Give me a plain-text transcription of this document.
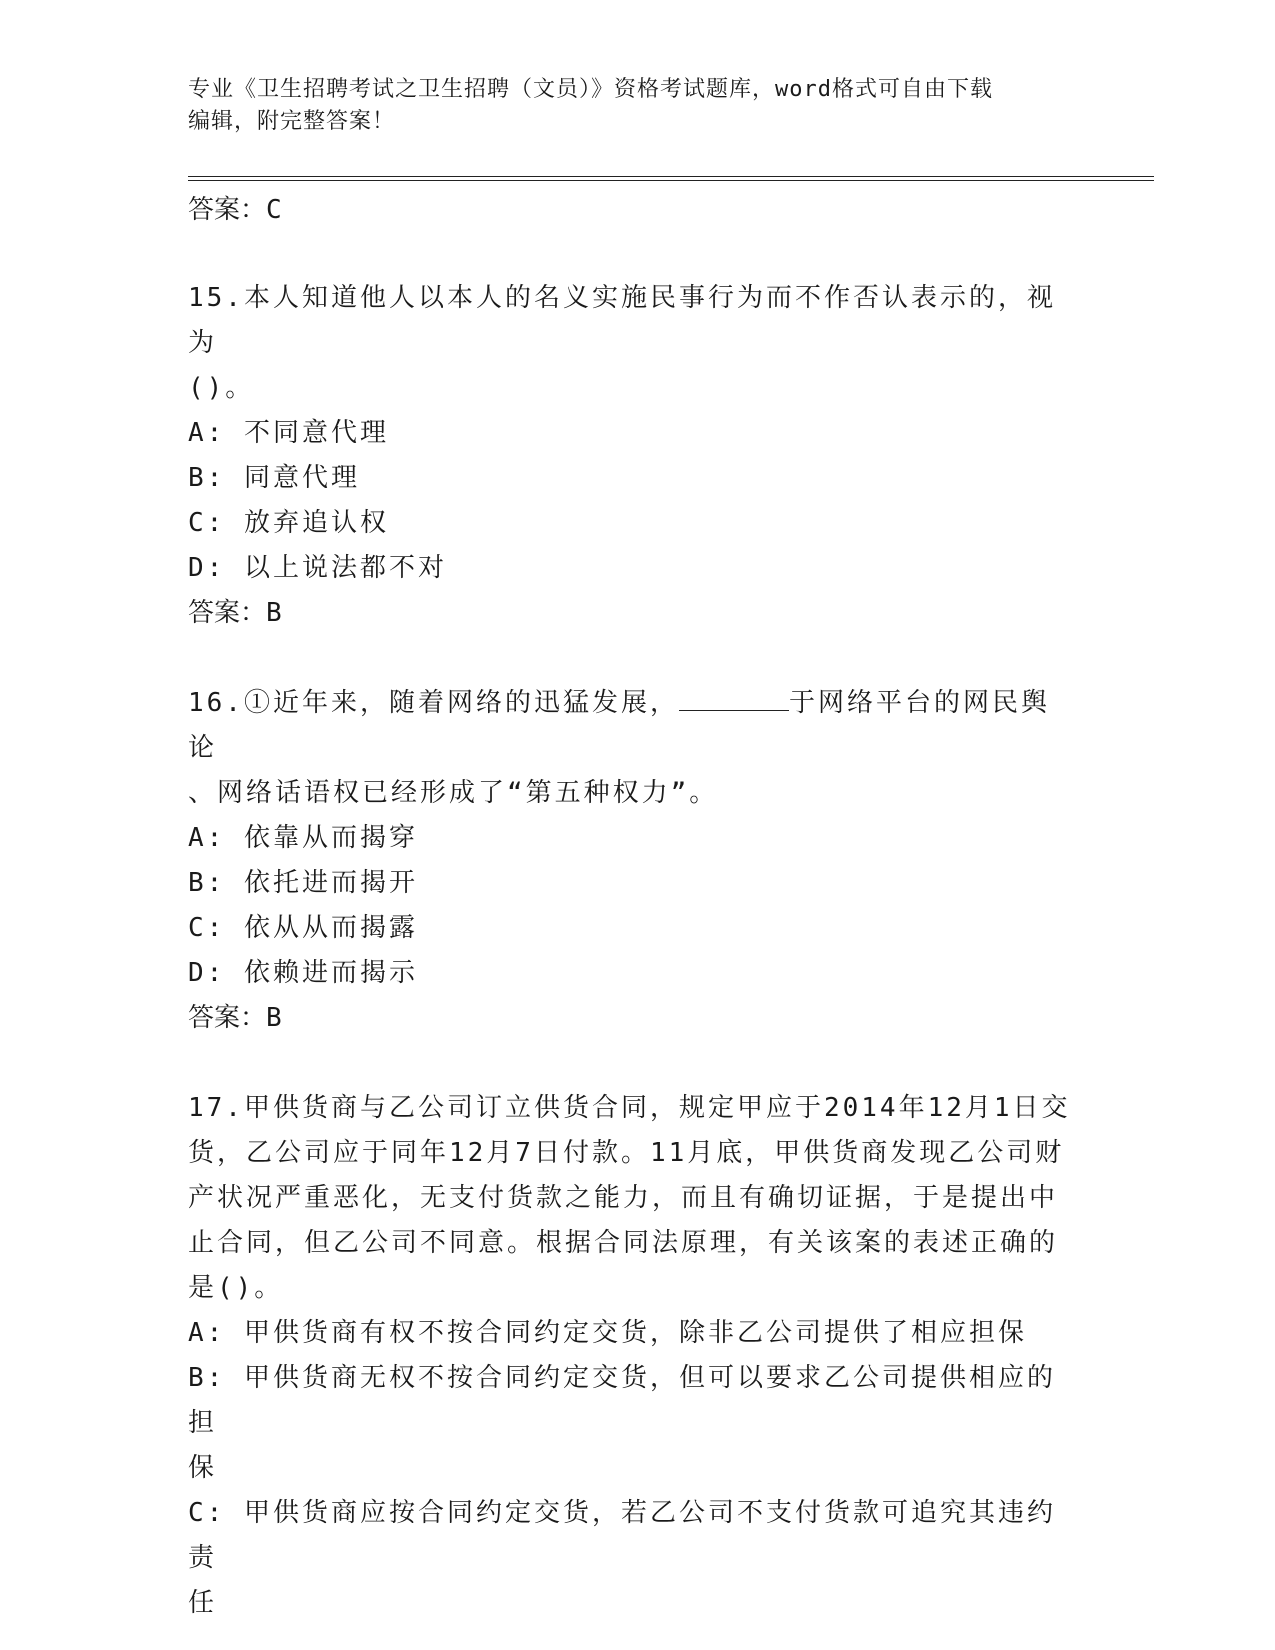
专业《卫生招聘考试之卫生招聘（文员）》资格考试题库，word格式可自由下载
编辑，附完整答案！
答案：C
15.本人知道他人以本人的名义实施民事行为而不作否认表示的，视为
()。
A: 不同意代理
B: 同意代理
C: 放弃追认权
D: 以上说法都不对
答案：B
16.①近年来，随着网络的迅猛发展，	于网络平台的网民舆论
、网络话语权已经形成了“第五种权力”。
A: 依靠从而揭穿
B: 依托进而揭开
C: 依从从而揭露
D: 依赖进而揭示
答案：B
17.甲供货商与乙公司订立供货合同，规定甲应于2014年12月1日交
货，乙公司应于同年12月7日付款。11月底，甲供货商发现乙公司财
产状况严重恶化，无支付货款之能力，而且有确切证据，于是提出中
止合同，但乙公司不同意。根据合同法原理，有关该案的表述正确的
是()。
A: 甲供货商有权不按合同约定交货，除非乙公司提供了相应担保
B: 甲供货商无权不按合同约定交货，但可以要求乙公司提供相应的担
保
C: 甲供货商应按合同约定交货，若乙公司不支付货款可追究其违约责
任
